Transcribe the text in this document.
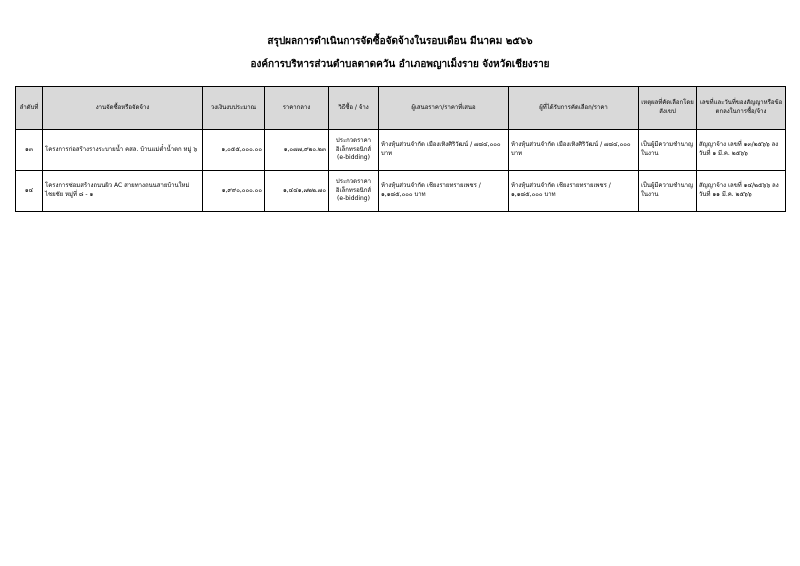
สรุปผลการดำเนินการจัดซื้อจัดจ้างในรอบเดือน มีนาคม ๒๕๖๖
องค์การบริหารส่วนตำบลตาดควัน อำเภอพญาเม็งราย จังหวัดเชียงราย
ลำดับที่	งานจัดซื้อหรือจัดจ้าง	วงเงินงบประมาณ	ราคากลาง	วิธีซื้อ / จ้าง	ผู้เสนอราคา/ราคาที่เสนอ	ผู้ที่ได้รับการคัดเลือก/ราคา	เหตุผลที่คัดเลือกโดยสังเขป	เลขที่และวันที่ของสัญญาหรือข้อตกลงในการซื้อ/จ้าง
๑๓	โครงการก่อสร้างรางระบายน้ำ คสล. บ้านแม่ต๋ำน้ำตก หมู่ ๖	๑,๐๕๕,๐๐๐.๐๐	๑,๐๗๗,๙๒๐.๒๓	ประกวดราคาอิเล็กทรอนิกส์ (e-bidding)	ห้างหุ้นส่วนจำกัด เมืองเทิงศิริวัฒน์ / ๗๘๔,๐๐๐ บาท	ห้างหุ้นส่วนจำกัด เมืองเทิงศิริวัฒน์ / ๗๘๔,๐๐๐ บาท	เป็นผู้มีความชำนาญในงาน	สัญญาจ้าง เลขที่ ๑๓/๒๕๖๖ ลงวันที่ ๑ มี.ค. ๒๕๖๖
๑๔	โครงการซ่อมสร้างถนนผิว AC สายทางถนนสายบ้านใหม่ไชยชัย หมู่ที่ ๘ - ๑	๑,๙๙๐,๐๐๐.๐๐	๑,๔๔๑,๗๒๒.๗๐	ประกวดราคาอิเล็กทรอนิกส์ (e-bidding)	ห้างหุ้นส่วนจำกัด เชียงรายทรายเพชร / ๑,๑๘๕,๐๐๐ บาท	ห้างหุ้นส่วนจำกัด เชียงรายทรายเพชร / ๑,๑๘๕,๐๐๐ บาท	เป็นผู้มีความชำนาญในงาน	สัญญาจ้าง เลขที่ ๑๔/๒๕๖๖ ลงวันที่ ๑๑ มี.ค. ๒๕๖๖
